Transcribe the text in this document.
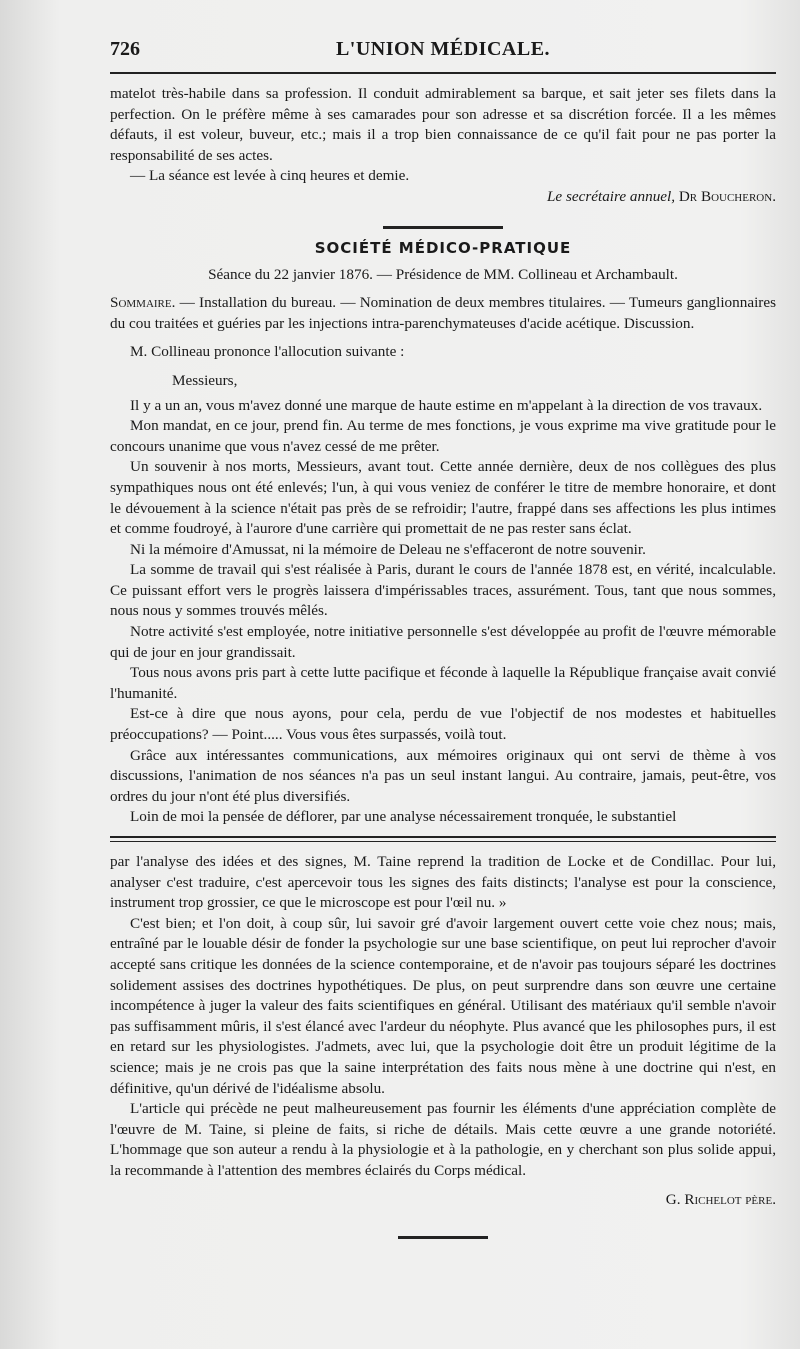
726	L'UNION MÉDICALE.

matelot très-habile dans sa profession. Il conduit admirablement sa barque, et sait jeter ses filets dans la perfection. On le préfère même à ses camarades pour son adresse et sa discrétion forcée. Il a les mêmes défauts, il est voleur, buveur, etc.; mais il a trop bien connaissance de ce qu'il fait pour ne pas porter la responsabilité de ses actes.

— La séance est levée à cinq heures et demie.

Le secrétaire annuel, Dr Boucheron.

SOCIÉTÉ MÉDICO-PRATIQUE

Séance du 22 janvier 1876. — Présidence de MM. Collineau et Archambault.

Sommaire. — Installation du bureau. — Nomination de deux membres titulaires. — Tumeurs ganglionnaires du cou traitées et guéries par les injections intra-parenchymateuses d'acide acétique. Discussion.

M. Collineau prononce l'allocution suivante :

Messieurs,

Il y a un an, vous m'avez donné une marque de haute estime en m'appelant à la direction de vos travaux.

Mon mandat, en ce jour, prend fin. Au terme de mes fonctions, je vous exprime ma vive gratitude pour le concours unanime que vous n'avez cessé de me prêter.

Un souvenir à nos morts, Messieurs, avant tout. Cette année dernière, deux de nos collègues des plus sympathiques nous ont été enlevés; l'un, à qui vous veniez de conférer le titre de membre honoraire, et dont le dévouement à la science n'était pas près de se refroidir; l'autre, frappé dans ses affections les plus intimes et comme foudroyé, à l'aurore d'une carrière qui promettait de ne pas rester sans éclat.

Ni la mémoire d'Amussat, ni la mémoire de Deleau ne s'effaceront de notre souvenir.

La somme de travail qui s'est réalisée à Paris, durant le cours de l'année 1878 est, en vérité, incalculable. Ce puissant effort vers le progrès laissera d'impérissables traces, assurément. Tous, tant que nous sommes, nous nous y sommes trouvés mêlés.

Notre activité s'est employée, notre initiative personnelle s'est développée au profit de l'œuvre mémorable qui de jour en jour grandissait.

Tous nous avons pris part à cette lutte pacifique et féconde à laquelle la République française avait convié l'humanité.

Est-ce à dire que nous ayons, pour cela, perdu de vue l'objectif de nos modestes et habituelles préoccupations? — Point..... Vous vous êtes surpassés, voilà tout.

Grâce aux intéressantes communications, aux mémoires originaux qui ont servi de thème à vos discussions, l'animation de nos séances n'a pas un seul instant langui. Au contraire, jamais, peut-être, vos ordres du jour n'ont été plus diversifiés.

Loin de moi la pensée de déflorer, par une analyse nécessairement tronquée, le substantiel

par l'analyse des idées et des signes, M. Taine reprend la tradition de Locke et de Condillac. Pour lui, analyser c'est traduire, c'est apercevoir tous les signes des faits distincts; l'analyse est pour la conscience, instrument trop grossier, ce que le microscope est pour l'œil nu. »

C'est bien; et l'on doit, à coup sûr, lui savoir gré d'avoir largement ouvert cette voie chez nous; mais, entraîné par le louable désir de fonder la psychologie sur une base scientifique, on peut lui reprocher d'avoir accepté sans critique les données de la science contemporaine, et de n'avoir pas toujours séparé les doctrines solidement assises des doctrines hypothétiques. De plus, on peut surprendre dans son œuvre une certaine incompétence à juger la valeur des faits scientifiques en général. Utilisant des matériaux qu'il semble n'avoir pas suffisamment mûris, il s'est élancé avec l'ardeur du néophyte. Plus avancé que les philosophes purs, il est en retard sur les physiologistes. J'admets, avec lui, que la psychologie doit être un produit légitime de la science; mais je ne crois pas que la saine interprétation des faits nous mène à une doctrine qui n'est, en définitive, qu'un dérivé de l'idéalisme absolu.

L'article qui précède ne peut malheureusement pas fournir les éléments d'une appréciation complète de l'œuvre de M. Taine, si pleine de faits, si riche de détails. Mais cette œuvre a une grande notoriété. L'hommage que son auteur a rendu à la physiologie et à la pathologie, en y cherchant son plus solide appui, la recommande à l'attention des membres éclairés du Corps médical.

G. Richelot père.
